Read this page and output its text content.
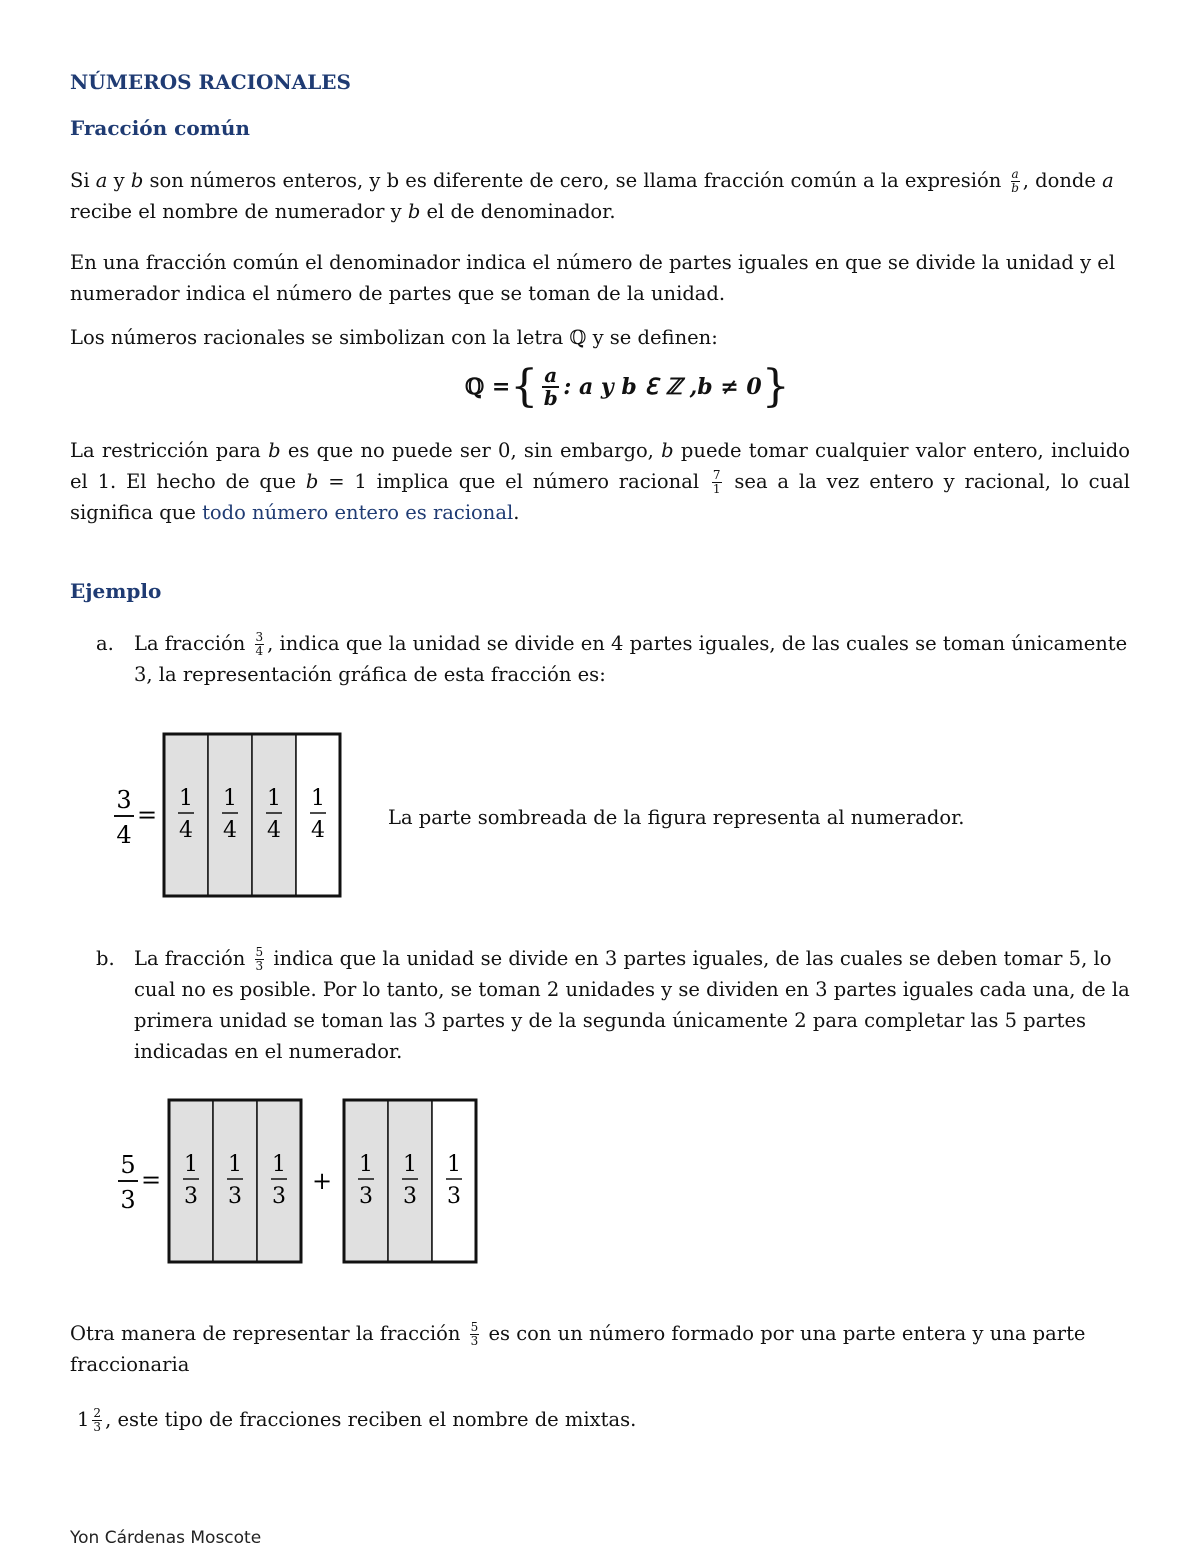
NÚMEROS RACIONALES
Fracción común
Si a y b son números enteros, y b es diferente de cero, se llama fracción común a la expresión $\frac{a}{b}$ , donde a
recibe el nombre de numerador y b el de denominador.
En una fracción común el denominador indica el número de partes iguales en que se divide la unidad y el numerador indica el número de partes que se toman de la unidad.
Los números racionales se simbolizan con la letra ℚ y se definen:
ℚ = { a
b : a y b ℇ ℤ ,b ≠ 0 }
La restricción para b es que no puede ser 0, sin embargo, b puede tomar cualquier valor entero, incluido el 1. El hecho de que b = 1 implica que el número racional $\frac{7}{1}$ sea a la vez entero y racional, lo cual significa que todo número entero es racional.
Ejemplo
a.	La fracción $\frac{3}{4}$ , indica que la unidad se divide en 4 partes iguales, de las cuales se toman únicamente 3, la representación gráfica de esta fracción es:
3
4
=
1
4
1
4
1
4
1
4
La parte sombreada de la figura representa al numerador.
b. La fracción $\frac{5}{3}$ indica que la unidad se divide en 3 partes iguales, de las cuales se deben tomar 5, lo cual no es posible. Por lo tanto, se toman 2 unidades y se dividen en 3 partes iguales cada una, de la primera unidad se toman las 3 partes y de la segunda únicamente 2 para completar las 5 partes indicadas en el numerador.
5
3
=
1
3
1
3
1
3
+
1
3
1
3
1
3
Otra manera de representar la fracción $\frac{5}{3}$ es con un número formado por una parte entera y una parte fraccionaria
$1 \frac{2}{3}$ , este tipo de fracciones reciben el nombre de mixtas.
Yon Cárdenas Moscote
